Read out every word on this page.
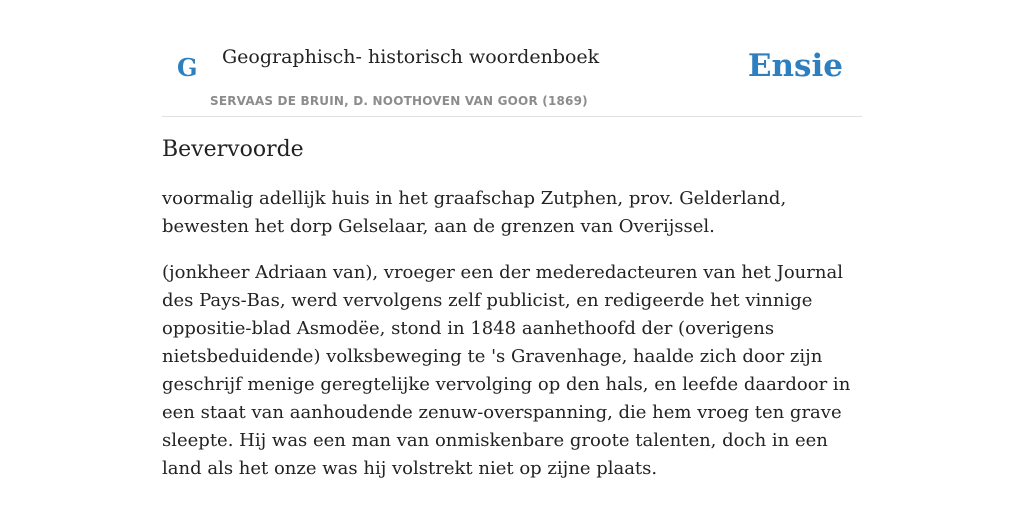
G Geographisch- historisch woordenboek
SERVAAS DE BRUIN, D. NOOTHOVEN VAN GOOR (1869)
Ensie
Bevervoorde

voormalig adellijk huis in het graafschap Zutphen, prov. Gelderland, bewesten het dorp Gelselaar, aan de grenzen van Overijssel.

(jonkheer Adriaan van), vroeger een der mederedacteuren van het Journal des Pays-Bas, werd vervolgens zelf publicist, en redigeerde het vinnige oppositie-blad Asmodëe, stond in 1848 aanhethoofd der (overigens nietsbeduidende) volksbeweging te 's Gravenhage, haalde zich door zijn geschrijf menige geregtelijke vervolging op den hals, en leefde daardoor in een staat van aanhoudende zenuw-overspanning, die hem vroeg ten grave sleepte. Hij was een man van onmiskenbare groote talenten, doch in een land als het onze was hij volstrekt niet op zijne plaats.
